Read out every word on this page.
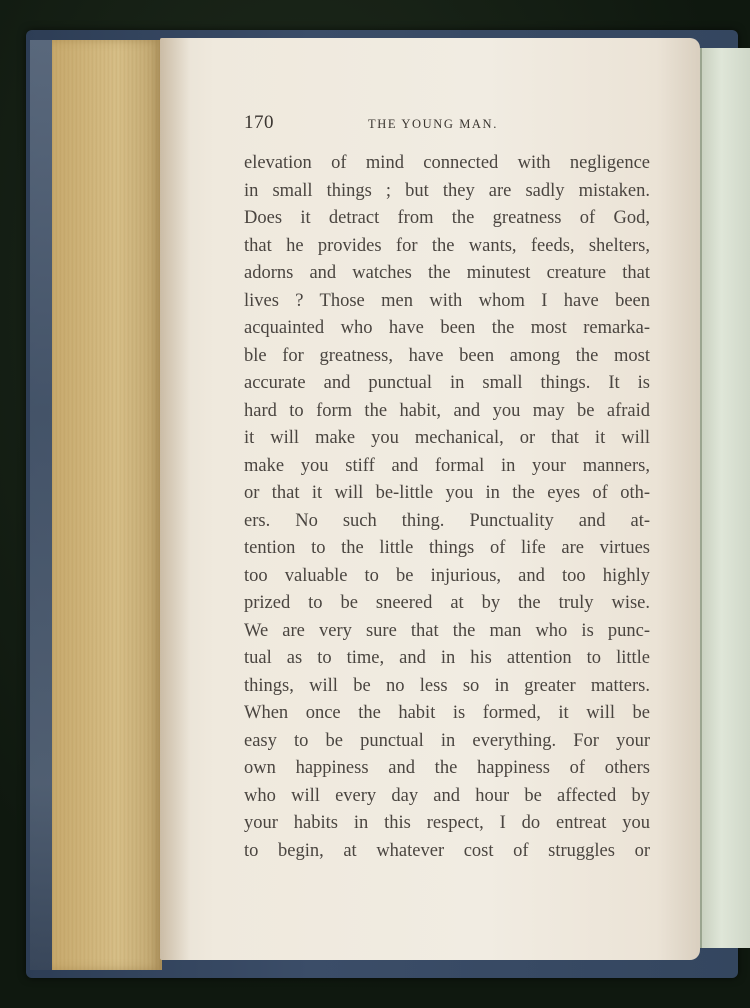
170	THE YOUNG MAN.
elevation of mind connected with negligence
in small things ; but they are sadly mistaken.
Does it detract from the greatness of God,
that he provides for the wants, feeds, shelters,
adorns and watches the minutest creature that
lives ? Those men with whom I have been
acquainted who have been the most remarka-
ble for greatness, have been among the most
accurate and punctual in small things. It is
hard to form the habit, and you may be afraid
it will make you mechanical, or that it will
make you stiff and formal in your manners,
or that it will be-little you in the eyes of oth-
ers. No such thing. Punctuality and at-
tention to the little things of life are virtues
too valuable to be injurious, and too highly
prized to be sneered at by the truly wise.
We are very sure that the man who is punc-
tual as to time, and in his attention to little
things, will be no less so in greater matters.
When once the habit is formed, it will be
easy to be punctual in everything. For your
own happiness and the happiness of others
who will every day and hour be affected by
your habits in this respect, I do entreat you
to begin, at whatever cost of struggles or
